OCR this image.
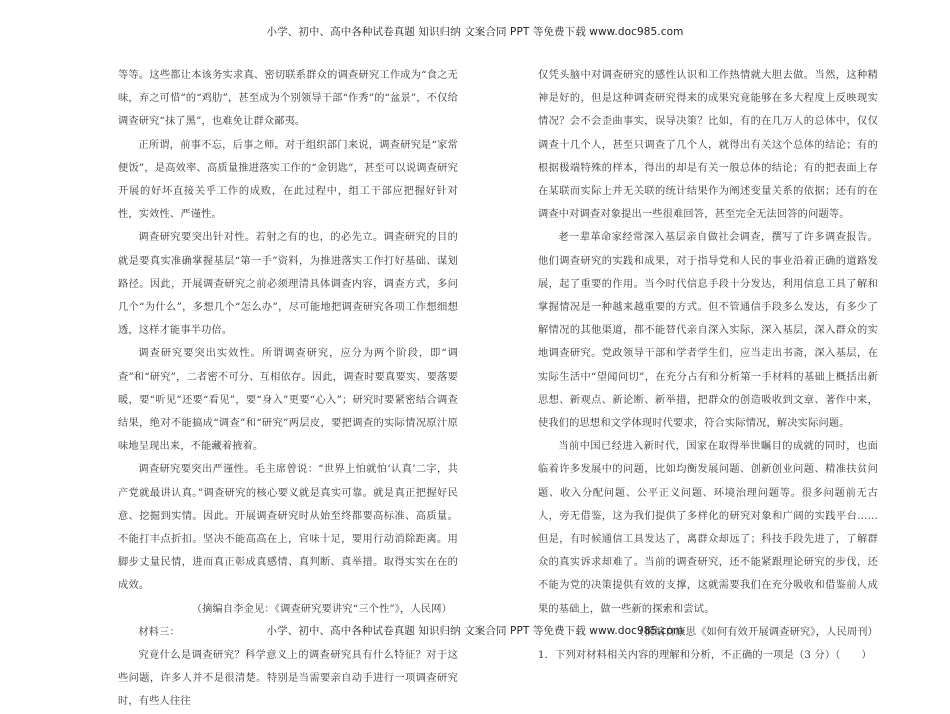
小学、初中、高中各种试卷真题 知识归纳 文案合同 PPT 等免费下载 www.doc985.com

等等。这些都让本该务实求真、密切联系群众的调查研究工作成为“食之无味，弃之可惜”的“鸡肋”，甚至成为个别领导干部“作秀”的“盆景”，不仅给调查研究“抹了黑”，也难免让群众鄙夷。

正所谓，前事不忘，后事之师。对于组织部门来说，调查研究是“家常便饭”，是高效率、高质量推进落实工作的“金钥匙”，甚至可以说调查研究开展的好坏直接关乎工作的成败，在此过程中，组工干部应把握好针对性，实效性、严谨性。

调查研究要突出针对性。若射之有的也，的必先立。调查研究的目的就是要真实准确掌握基层“第一手”资料，为推进落实工作打好基础、谋划路径。因此，开展调查研究之前必须理清具体调查内容，调查方式，多问几个“为什么”，多想几个“怎么办”，尽可能地把调查研究各项工作想细想透，这样才能事半功倍。

调查研究要突出实效性。所谓调查研究，应分为两个阶段，即“调查”和“研究”，二者密不可分、互相依存。因此，调查时要真要实、要落要暖，要“听见”还要“看见”，要“身入”更要“心入”；研究时要紧密结合调查结果，绝对不能搞成“调查”和“研究”两层皮，要把调查的实际情况原汁原味地呈现出来，不能藏着掖着。

调查研究要突出严谨性。毛主席曾说：“世界上怕就怕‘认真’二字，共产党就最讲认真。”调查研究的核心要义就是真实可靠。就是真正把握好民意、挖掘到实情。因此。开展调查研究时从始至终都要高标准、高质量。不能打丰点折扣。坚决不能高高在上，官味十足，要用行动消除距离。用脚步丈量民情，进而真正彰成真感情、真判断、真举措。取得实实在在的成效。

（摘编自李金见：《调查研究要讲究“三个性”》，人民网）

材料三：

究竟什么是调查研究？科学意义上的调查研究具有什么特征？对于这些问题，许多人并不是很清楚。特别是当需要亲自动手进行一项调查研究时，有些人往往

仅凭头脑中对调查研究的感性认识和工作热情就大胆去做。当然，这种精神是好的，但是这种调查研究得来的成果究竟能够在多大程度上反映现实情况？会不会歪曲事实，误导决策？比如，有的在几万人的总体中，仅仅调查十几个人，甚至只调查了几个人，就得出有关这个总体的结论；有的根据极端特殊的样本，得出的却是有关一般总体的结论；有的把表面上存在某联而实际上并无关联的统计结果作为阐述变量关系的依据；还有的在调查中对调查对象提出一些很难回答，甚至完全无法回答的问题等。

老一辈革命家经常深入基层亲自做社会调查，撰写了许多调查报告。他们调查研究的实践和成果，对于指导党和人民的事业沿着正确的道路发展，起了重要的作用。当今时代信息手段十分发达，利用信息工具了解和掌握情况是一种越来越重要的方式。但不管通信手段多么发达，有多少了解情况的其他渠道，都不能替代亲自深入实际，深入基层，深入群众的实地调查研究。党政领导干部和学者学生们，应当走出书斋，深入基层，在实际生活中“望闻问切”，在充分占有和分析第一手材料的基础上概括出新思想、新观点、新论断、新举措，把群众的创造吸收到文章、著作中来，使我们的思想和文学体现时代要求，符合实际情况，解决实际问题。

当前中国已经进入新时代，国家在取得举世瞩目的成就的同时，也面临着许多发展中的问题，比如均衡发展问题、创新创业问题、精准扶贫问题、收入分配问题、公平正义问题、环境治理问题等。很多问题前无古人，旁无借鉴，这为我们提供了多样化的研究对象和广阔的实践平台……但是，有时候通信工具发达了，离群众却远了；科技手段先进了，了解群众的真实诉求却难了。当前的调查研究，还不能紧跟理论研究的步伐，还不能为党的决策提供有效的支撑，这就需要我们在充分吸收和借鉴前人成果的基础上，做一些新的探索和尝试。

（摘编自康思《如何有效开展调查研究》，人民周刊）

1．下列对材料相关内容的理解和分析，不正确的一项是（3 分）（　　）

小学、初中、高中各种试卷真题 知识归纳 文案合同 PPT 等免费下载 www.doc985.com
